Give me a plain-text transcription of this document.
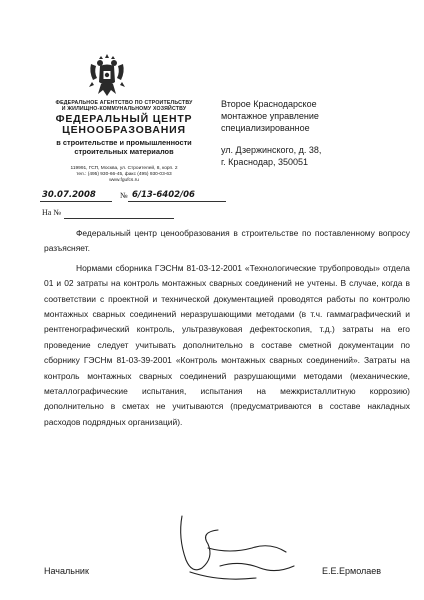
ФЕДЕРАЛЬНОЕ АГЕНТСТВО ПО СТРОИТЕЛЬСТВУ
И ЖИЛИЩНО-КОММУНАЛЬНОМУ ХОЗЯЙСТВУ
ФЕДЕРАЛЬНЫЙ ЦЕНТР
ЦЕНООБРАЗОВАНИЯ
в строительстве и промышленности
строительных материалов
119991, ГСП, Москва, ул. Строителей, 8, корп. 2
тел.: (495) 930-66-45, факс (495) 930-03-63
www.fgufcs.ru
30.07.2008	№ 6/13-6402/06
На №
Второе Краснодарское
монтажное управление
специализированное
ул. Дзержинского, д. 38,
г. Краснодар, 350051

Федеральный центр ценообразования в строительстве по поставленному вопросу разъясняет.

Нормами сборника ГЭСНм 81-03-12-2001 «Технологические трубопроводы» отдела 01 и 02 затраты на контроль монтажных сварных соединений не учтены. В случае, когда в соответствии с проектной и технической документацией проводятся работы по контролю монтажных сварных соединений неразрушающими методами (в т.ч. гаммаграфический и рентгенографический контроль, ультразвуковая дефектоскопия, т.д.) затраты на его проведение следует учитывать дополнительно в составе сметной документации по сборнику ГЭСНм 81-03-39-2001 «Контроль монтажных сварных соединений». Затраты на контроль монтажных сварных соединений разрушающими методами (механические, металлографические испытания, испытания на межкристаллитную коррозию) дополнительно в сметах не учитываются (предусматриваются в составе накладных расходов подрядных организаций).

Начальник	Е.Е.Ермолаев
